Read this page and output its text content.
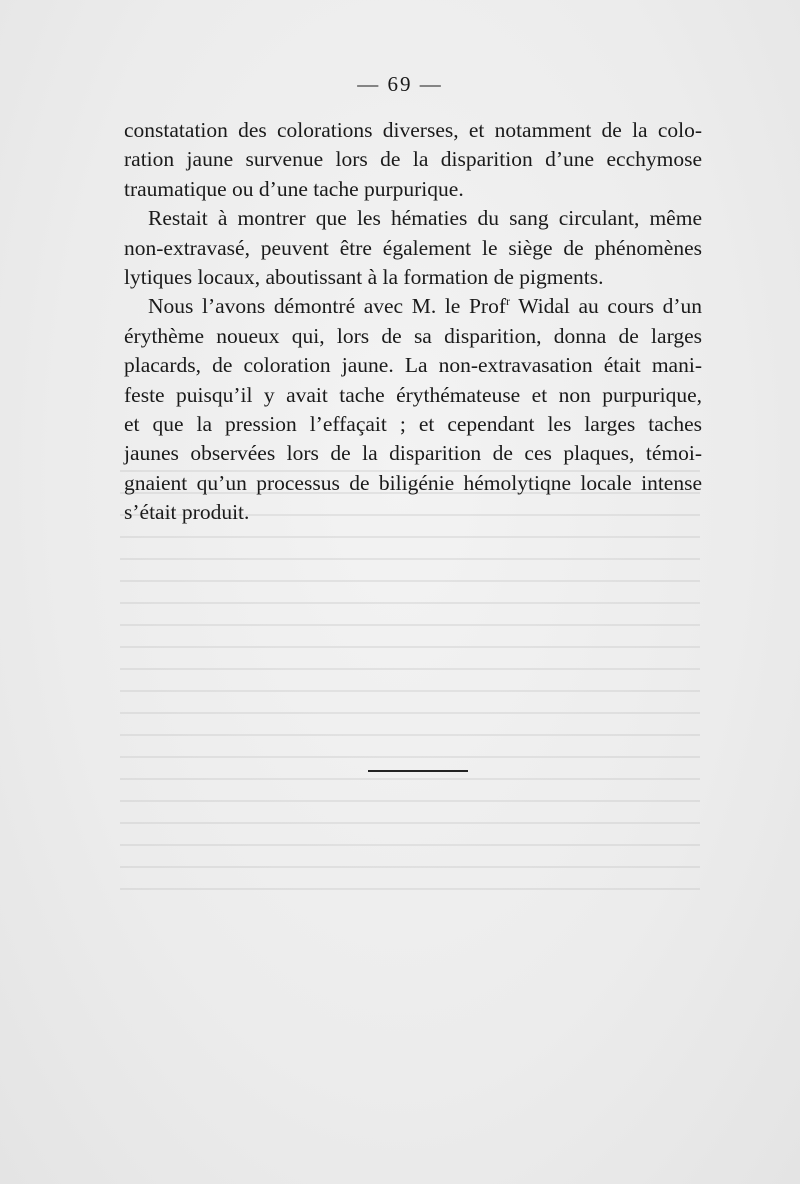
— 69 —

constatation des colorations diverses, et notamment de la colo-
ration jaune survenue lors de la disparition d’une ecchymose
traumatique ou d’une tache purpurique.

Restait à montrer que les hématies du sang circulant, même
non-extravasé, peuvent être également le siège de phénomènes
lytiques locaux, aboutissant à la formation de pigments.

Nous l’avons démontré avec M. le Prof$^r$ Widal au cours d’un
érythème noueux qui, lors de sa disparition, donna de larges
placards, de coloration jaune. La non-extravasation était mani-
feste puisqu’il y avait tache érythémateuse et non purpurique,
et que la pression l’effaçait ; et cependant les larges taches
jaunes observées lors de la disparition de ces plaques, témoi-
gnaient qu’un processus de biligénie hémolytiqne locale intense
s’était produit.
